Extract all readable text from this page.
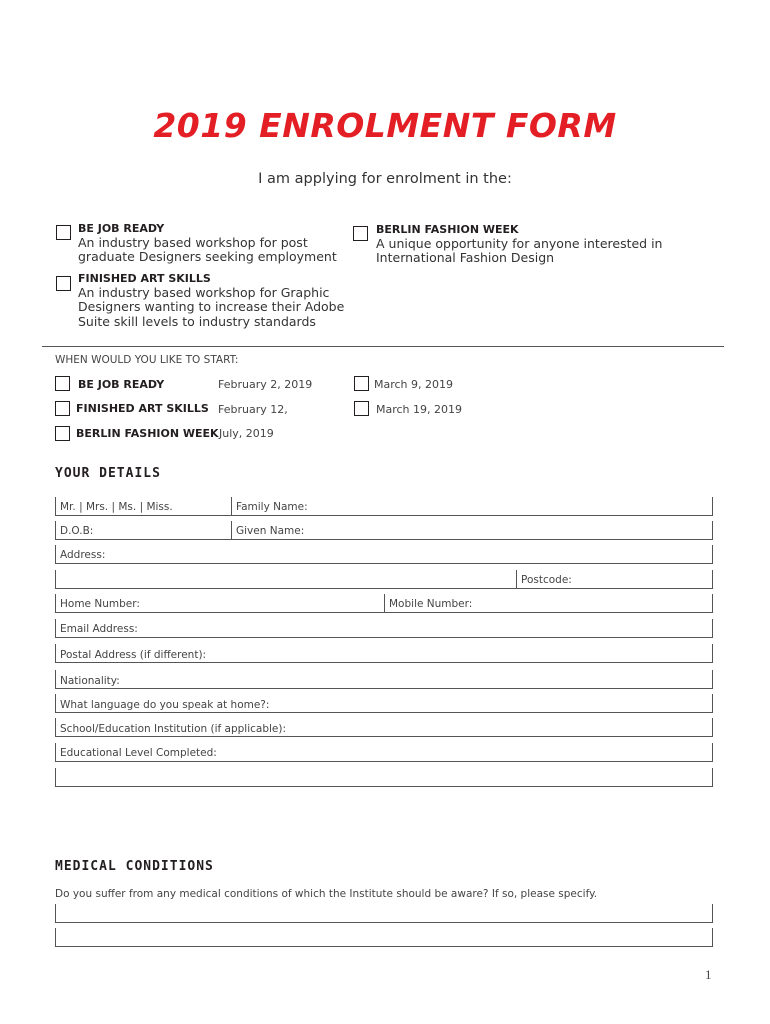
2019 ENROLMENT FORM
I am applying for enrolment in the:
BE JOB READY
An industry based workshop for post
graduate Designers seeking employment
BERLIN FASHION WEEK
A unique opportunity for anyone interested in
International Fashion Design
FINISHED ART SKILLS
An industry based workshop for Graphic
Designers wanting to increase their Adobe
Suite skill levels to industry standards
WHEN WOULD YOU LIKE TO START:
BE JOB READY	February 2, 2019	March 9, 2019
FINISHED ART SKILLS February 12,	March 19, 2019
BERLIN FASHION WEEK July, 2019
YOUR DETAILS
Mr. | Mrs. | Ms. | Miss.	Family Name:
D.O.B:	Given Name:
Address:
Postcode:
Home Number:	Mobile Number:
Email Address:
Postal Address (if different):
Nationality:
What language do you speak at home?:
School/Education Institution (if applicable):
Educational Level Completed:
MEDICAL CONDITIONS
Do you suffer from any medical conditions of which the Institute should be aware? If so, please specify.
1
